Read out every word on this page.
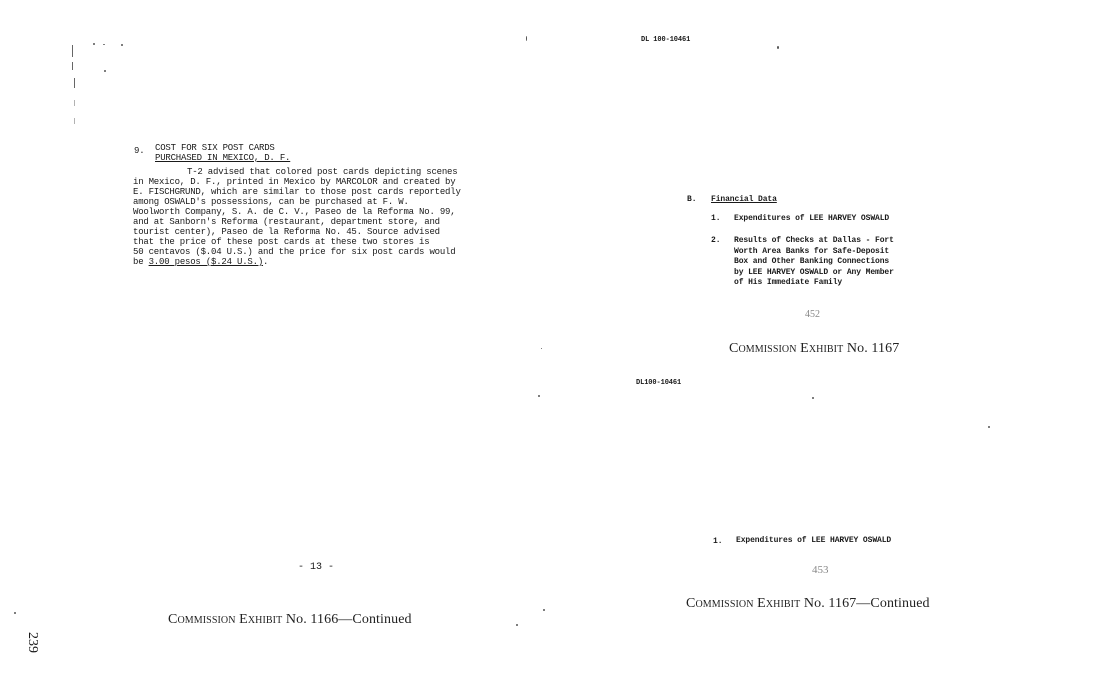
9. COST FOR SIX POST CARDS
PURCHASED IN MEXICO, D. F.
T-2 advised that colored post cards depicting scenes
in Mexico, D. F., printed in Mexico by MARCOLOR and created by
E. FISCHGRUND, which are similar to those post cards reportedly
among OSWALD's possessions, can be purchased at F. W.
Woolworth Company, S. A. de C. V., Paseo de la Reforma No. 99,
and at Sanborn's Reforma (restaurant, department store, and
tourist center), Paseo de la Reforma No. 45. Source advised
that the price of these post cards at these two stores is
50 centavos ($.04 U.S.) and the price for six post cards would
be 3.00 pesos ($.24 U.S.).
- 13 -
Commission Exhibit No. 1166—Continued
239
DL 100-10461
B. Financial Data
1. Expenditures of LEE HARVEY OSWALD
2. Results of Checks at Dallas - Fort
Worth Area Banks for Safe-Deposit
Box and Other Banking Connections
by LEE HARVEY OSWALD or Any Member
of His Immediate Family
452
Commission Exhibit No. 1167
DL100-10461
1. Expenditures of LEE HARVEY OSWALD
453
Commission Exhibit No. 1167—Continued
